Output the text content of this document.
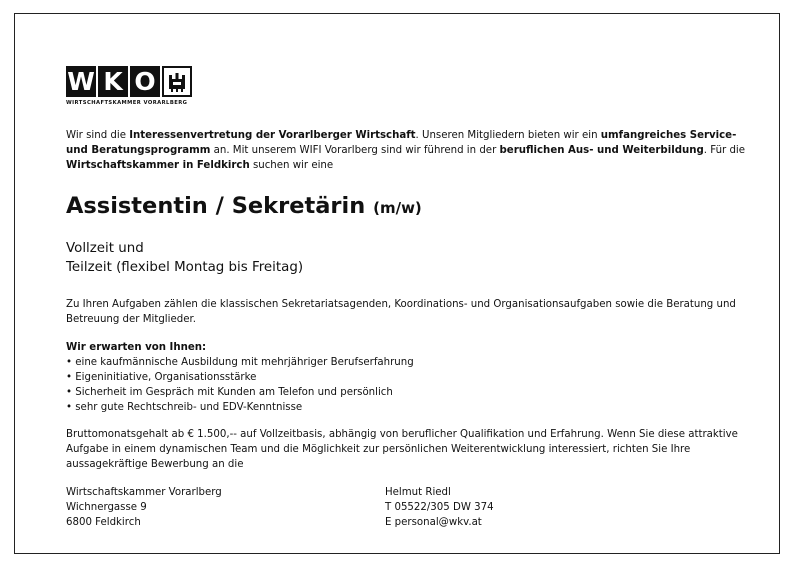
W K O
WIRTSCHAFTSKAMMER VORARLBERG
Wir sind die Interessenvertretung der Vorarlberger Wirtschaft. Unseren Mitgliedern bieten wir ein umfangreiches Service- und Beratungsprogramm an. Mit unserem WIFI Vorarlberg sind wir führend in der beruflichen Aus- und Weiterbildung. Für die Wirtschaftskammer in Feldkirch suchen wir eine
Assistentin / Sekretärin (m/w)
Vollzeit und
Teilzeit (flexibel Montag bis Freitag)
Zu Ihren Aufgaben zählen die klassischen Sekretariatsagenden, Koordinations- und Organisationsaufgaben sowie die Beratung und Betreuung der Mitglieder.
Wir erwarten von Ihnen:
• eine kaufmännische Ausbildung mit mehrjähriger Berufserfahrung
• Eigeninitiative, Organisationsstärke
• Sicherheit im Gespräch mit Kunden am Telefon und persönlich
• sehr gute Rechtschreib- und EDV-Kenntnisse
Bruttomonatsgehalt ab € 1.500,-- auf Vollzeitbasis, abhängig von beruflicher Qualifikation und Erfahrung. Wenn Sie diese attraktive Aufgabe in einem dynamischen Team und die Möglichkeit zur persönlichen Weiterentwicklung interessiert, richten Sie Ihre aussagekräftige Bewerbung an die
Wirtschaftskammer Vorarlberg
Wichnergasse 9
6800 Feldkirch
Helmut Riedl
T 05522/305 DW 374
E personal@wkv.at
